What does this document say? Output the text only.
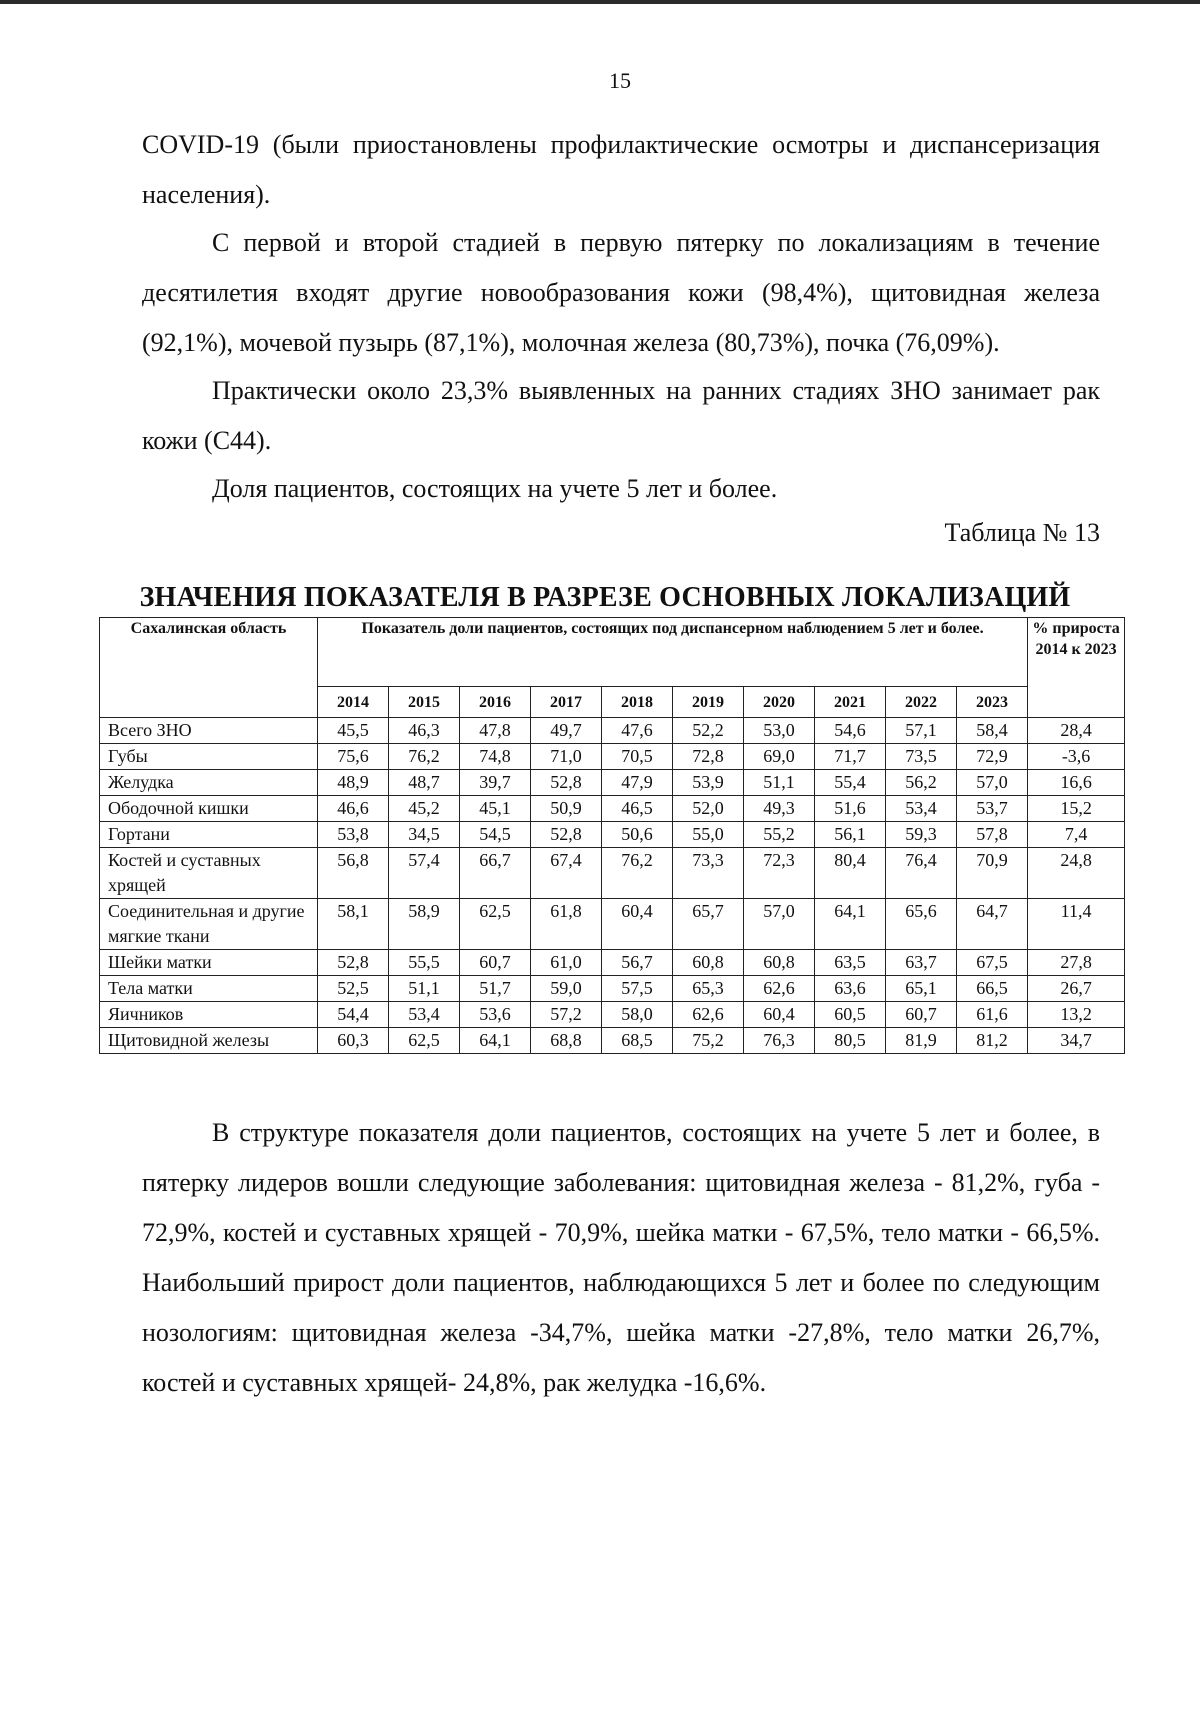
15

COVID-19 (были приостановлены профилактические осмотры и диспансеризация населения).

С первой и второй стадией в первую пятерку по локализациям в течение десятилетия входят другие новообразования кожи (98,4%), щитовидная железа (92,1%), мочевой пузырь (87,1%), молочная железа (80,73%), почка (76,09%).

Практически около 23,3% выявленных на ранних стадиях ЗНО занимает рак кожи (С44).

Доля пациентов, состоящих на учете 5 лет и более.

Таблица № 13
ЗНАЧЕНИЯ ПОКАЗАТЕЛЯ В РАЗРЕЗЕ ОСНОВНЫХ ЛОКАЛИЗАЦИЙ
Сахалинская область	Показатель доли пациентов, состоящих под диспансерном наблюдением 5 лет и более.										% прироста 2014 к 2023
	2014	2015	2016	2017	2018	2019	2020	2021	2022	2023	
Всего ЗНО	45,5	46,3	47,8	49,7	47,6	52,2	53,0	54,6	57,1	58,4	28,4
Губы	75,6	76,2	74,8	71,0	70,5	72,8	69,0	71,7	73,5	72,9	-3,6
Желудка	48,9	48,7	39,7	52,8	47,9	53,9	51,1	55,4	56,2	57,0	16,6
Ободочной кишки	46,6	45,2	45,1	50,9	46,5	52,0	49,3	51,6	53,4	53,7	15,2
Гортани	53,8	34,5	54,5	52,8	50,6	55,0	55,2	56,1	59,3	57,8	7,4
Костей и суставных хрящей	56,8	57,4	66,7	67,4	76,2	73,3	72,3	80,4	76,4	70,9	24,8
Соединительная и другие мягкие ткани	58,1	58,9	62,5	61,8	60,4	65,7	57,0	64,1	65,6	64,7	11,4
Шейки матки	52,8	55,5	60,7	61,0	56,7	60,8	60,8	63,5	63,7	67,5	27,8
Тела матки	52,5	51,1	51,7	59,0	57,5	65,3	62,6	63,6	65,1	66,5	26,7
Яичников	54,4	53,4	53,6	57,2	58,0	62,6	60,4	60,5	60,7	61,6	13,2
Щитовидной железы	60,3	62,5	64,1	68,8	68,5	75,2	76,3	80,5	81,9	81,2	34,7

В структуре показателя доли пациентов, состоящих на учете 5 лет и более, в пятерку лидеров вошли следующие заболевания: щитовидная железа - 81,2%, губа - 72,9%, костей и суставных хрящей - 70,9%, шейка матки - 67,5%, тело матки - 66,5%. Наибольший прирост доли пациентов, наблюдающихся 5 лет и более по следующим нозологиям: щитовидная железа -34,7%, шейка матки -27,8%, тело матки 26,7%, костей и суставных хрящей- 24,8%, рак желудка -16,6%.
